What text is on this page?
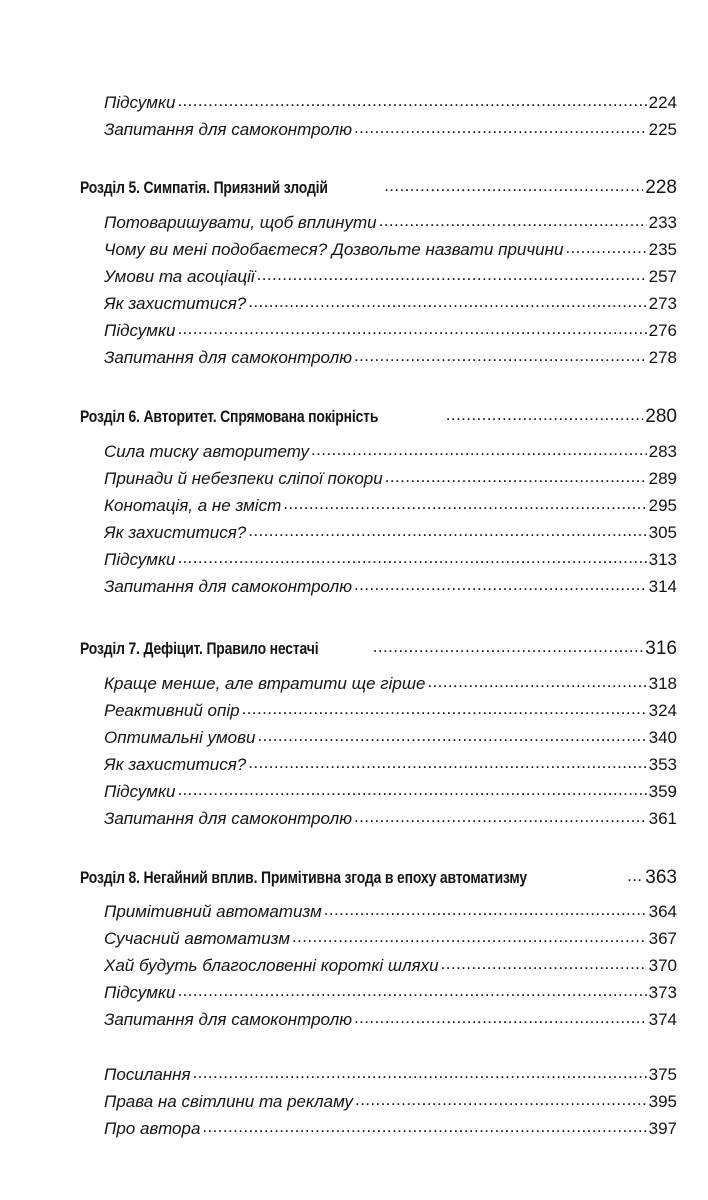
Підсумки .....	224
Запитання для самоконтролю .....	225
Розділ 5. Симпатія. Приязний злодій .....	228
Потоваришувати, щоб вплинути .....	233
Чому ви мені подобаєтеся? Дозвольте назвати причини .....	235
Умови та асоціації .....	257
Як захиститися? .....	273
Підсумки .....	276
Запитання для самоконтролю .....	278
Розділ 6. Авторитет. Спрямована покірність .....	280
Сила тиску авторитету .....	283
Принади й небезпеки сліпої покори .....	289
Конотація, а не зміст .....	295
Як захиститися? .....	305
Підсумки .....	313
Запитання для самоконтролю .....	314
Розділ 7. Дефіцит. Правило нестачі .....	316
Краще менше, але втратити ще гірше .....	318
Реактивний опір .....	324
Оптимальні умови .....	340
Як захиститися? .....	353
Підсумки .....	359
Запитання для самоконтролю .....	361
Розділ 8. Негайний вплив. Примітивна згода в епоху автоматизму .....	363
Примітивний автоматизм .....	364
Сучасний автоматизм .....	367
Хай будуть благословенні короткі шляхи .....	370
Підсумки .....	373
Запитання для самоконтролю .....	374
Посилання .....	375
Права на світлини та рекламу .....	395
Про автора .....	397
